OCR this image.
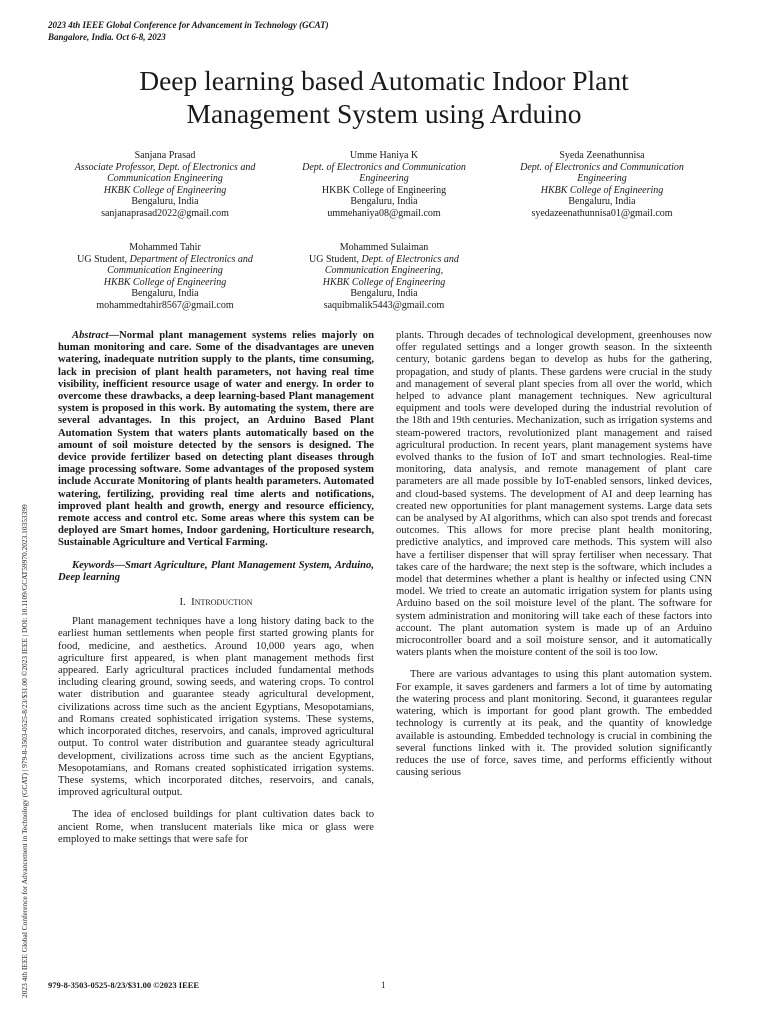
2023 4th IEEE Global Conference for Advancement in Technology (GCAT)
Bangalore, India. Oct 6-8, 2023
Deep learning based Automatic Indoor Plant
Management System using Arduino
Sanjana Prasad
Associate Professor, Dept. of Electronics and
Communication Engineering
HKBK College of Engineering
Bengaluru, India
sanjanaprasad2022@gmail.com
Umme Haniya K
Dept. of Electronics and Communication
Engineering
HKBK College of Engineering
Bengaluru, India
ummehaniya08@gmail.com
Syeda Zeenathunnisa
Dept. of Electronics and Communication
Engineering
HKBK College of Engineering
Bengaluru, India
syedazeenathunnisa01@gmail.com
Mohammed Tahir
UG Student, Department of Electronics and
Communication Engineering
HKBK College of Engineering
Bengaluru, India
mohammedtahir8567@gmail.com
Mohammed Sulaiman
UG Student, Dept. of Electronics and
Communication Engineering,
HKBK College of Engineering
Bengaluru, India
saquibmalik5443@gmail.com
2023 4th IEEE Global Conference for Advancement in Technology (GCAT) | 979-8-3503-0525-8/23/$31.00 ©2023 IEEE | DOI: 10.1109/GCAT59970.2023.10353399

Abstract—Normal plant management systems relies majorly on human monitoring and care. Some of the disadvantages are uneven watering, inadequate nutrition supply to the plants, time consuming, lack in precision of plant health parameters, not having real time visibility, inefficient resource usage of water and energy. In order to overcome these drawbacks, a deep learning-based Plant management system is proposed in this work. By automating the system, there are several advantages. In this project, an Arduino Based Plant Automation System that waters plants automatically based on the amount of soil moisture detected by the sensors is designed. The device provide fertilizer based on detecting plant diseases through image processing software. Some advantages of the proposed system include Accurate Monitoring of plants health parameters. Automated watering, fertilizing, providing real time alerts and notifications, improved plant health and growth, energy and resource efficiency, remote access and control etc. Some areas where this system can be deployed are Smart homes, Indoor gardening, Horticulture research, Sustainable Agriculture and Vertical Farming.

Keywords—Smart Agriculture, Plant Management System, Arduino, Deep learning

I. Introduction

Plant management techniques have a long history dating back to the earliest human settlements when people first started growing plants for food, medicine, and aesthetics. Around 10,000 years ago, when agriculture first appeared, is when plant management methods first appeared. Early agricultural practices included fundamental methods including clearing ground, sowing seeds, and watering crops. To control water distribution and guarantee steady agricultural development, civilizations across time such as the ancient Egyptians, Mesopotamians, and Romans created sophisticated irrigation systems. These systems, which incorporated ditches, reservoirs, and canals, improved agricultural output. To control water distribution and guarantee steady agricultural development, civilizations across time such as the ancient Egyptians, Mesopotamians, and Romans created sophisticated irrigation systems. These systems, which incorporated ditches, reservoirs, and canals, improved agricultural output.

The idea of enclosed buildings for plant cultivation dates back to ancient Rome, when translucent materials like mica or glass were employed to make settings that were safe for

plants. Through decades of technological development, greenhouses now offer regulated settings and a longer growth season. In the sixteenth century, botanic gardens began to develop as hubs for the gathering, propagation, and study of plants. These gardens were crucial in the study and management of several plant species from all over the world, which helped to advance plant management techniques. New agricultural equipment and tools were developed during the industrial revolution of the 18th and 19th centuries. Mechanization, such as irrigation systems and steam-powered tractors, revolutionized plant management and raised agricultural production. In recent years, plant management systems have evolved thanks to the fusion of IoT and smart technologies. Real-time monitoring, data analysis, and remote management of plant care parameters are all made possible by IoT-enabled sensors, linked devices, and cloud-based systems. The development of AI and deep learning has created new opportunities for plant management systems. Large data sets can be analysed by AI algorithms, which can also spot trends and forecast outcomes. This allows for more precise plant health monitoring, predictive analytics, and improved care methods. This system will also have a fertiliser dispenser that will spray fertiliser when necessary. That takes care of the hardware; the next step is the software, which includes a model that determines whether a plant is healthy or infected using CNN model. We tried to create an automatic irrigation system for plants using Arduino based on the soil moisture level of the plant. The software for system administration and monitoring will take each of these factors into account. The plant automation system is made up of an Arduino microcontroller board and a soil moisture sensor, and it automatically waters plants when the moisture content of the soil is too low.

There are various advantages to using this plant automation system. For example, it saves gardeners and farmers a lot of time by automating the watering process and plant monitoring. Second, it guarantees regular watering, which is important for good plant growth. The embedded technology is currently at its peak, and the quantity of knowledge available is astounding. Embedded technology is crucial in combining the several functions linked with it. The provided solution significantly reduces the use of force, saves time, and performs efficiently without causing serious

979-8-3503-0525-8/23/$31.00 ©2023 IEEE	1
